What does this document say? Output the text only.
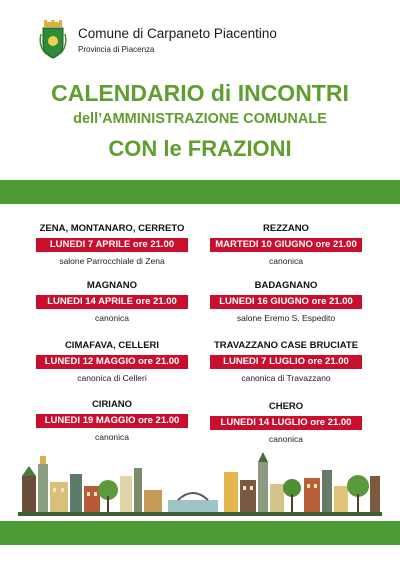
Comune di Carpaneto Piacentino
Provincia di Piacenza
CALENDARIO di INCONTRI
dell’AMMINISTRAZIONE COMUNALE
CON le FRAZIONI
ZENA, MONTANARO, CERRETO
LUNEDI 7 APRILE ore 21.00
salone Parrocchiale di Zena
REZZANO
MARTEDI 10 GIUGNO ore 21.00
canonica
MAGNANO
LUNEDI 14 APRILE ore 21.00
canonica
BADAGNANO
LUNEDI 16 GIUGNO ore 21.00
salone Eremo S. Espedito
CIMAFAVA, CELLERI
LUNEDI 12 MAGGIO ore 21.00
canonica di Celleri
TRAVAZZANO CASE BRUCIATE
LUNEDI 7 LUGLIO ore 21.00
canonica di Travazzano
CIRIANO
LUNEDI 19 MAGGIO ore 21.00
canonica
CHERO
LUNEDI 14 LUGLIO ore 21.00
canonica
